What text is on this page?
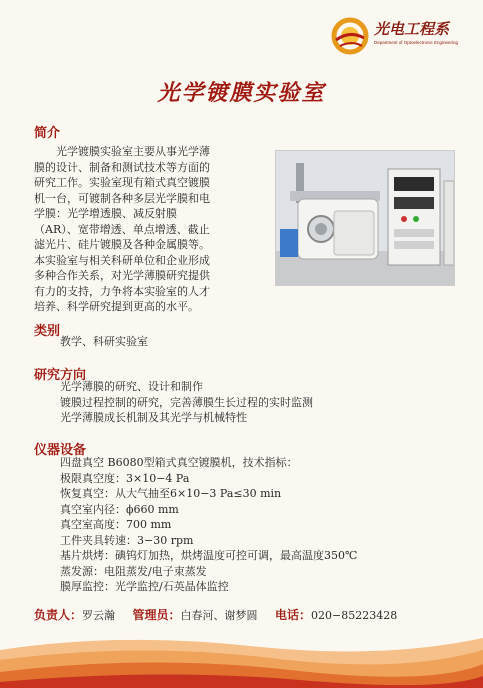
光电工程系
Department of Optoelectronic Engineering
光学镀膜实验室
简介
　　光学镀膜实验室主要从事光学薄
膜的设计、制备和测试技术等方面的
研究工作。实验室现有箱式真空镀膜
机一台，可镀制各种多层光学膜和电
学膜：光学增透膜、减反射膜
（AR）、宽带增透、单点增透、截止
滤光片、硅片镀膜及各种金属膜等。
本实验室与相关科研单位和企业形成
多种合作关系，对光学薄膜研究提供
有力的支持，力争将本实验室的人才
培养、科学研究提到更高的水平。
类别
教学、科研实验室
研究方向
光学薄膜的研究、设计和制作
镀膜过程控制的研究，完善薄膜生长过程的实时监测
光学薄膜成长机制及其光学与机械特性
仪器设备
四盘真空 B6080型箱式真空镀膜机，技术指标：
极限真空度：3×10−4 Pa
恢复真空：从大气抽至6×10−3 Pa≤30 min
真空室内径：ϕ660 mm
真空室高度：700 mm
工件夹具转速：3−30 rpm
基片烘烤：碘钨灯加热，烘烤温度可控可调，最高温度350℃
蒸发源：电阻蒸发/电子束蒸发
膜厚监控：光学监控/石英晶体监控
负责人：罗云瀚 管理员：白春河、谢梦圆 电话：020−85223428
